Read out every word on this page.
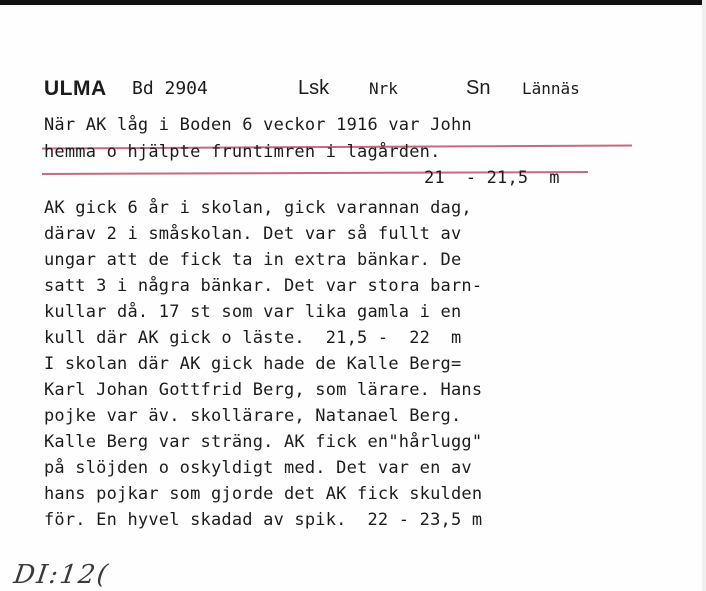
ULMA Bd 2904	Lsk Nrk	Sn Lännäs
När AK låg i Boden 6 veckor 1916 var John
hemma o hjälpte fruntimren i lagården.
21  - 21,5  m
AK gick 6 år i skolan, gick varannan dag,
därav 2 i småskolan. Det var så fullt av
ungar att de fick ta in extra bänkar. De
satt 3 i några bänkar. Det var stora barn-
kullar då. 17 st som var lika gamla i en
kull där AK gick o läste.  21,5 -  22  m
I skolan där AK gick hade de Kalle Berg=
Karl Johan Gottfrid Berg, som lärare. Hans
pojke var äv. skollärare, Natanael Berg.
Kalle Berg var sträng. AK fick en"hårlugg"
på slöjden o oskyldigt med. Det var en av
hans pojkar som gjorde det AK fick skulden
för. En hyvel skadad av spik.  22 - 23,5 m
DI:12(
